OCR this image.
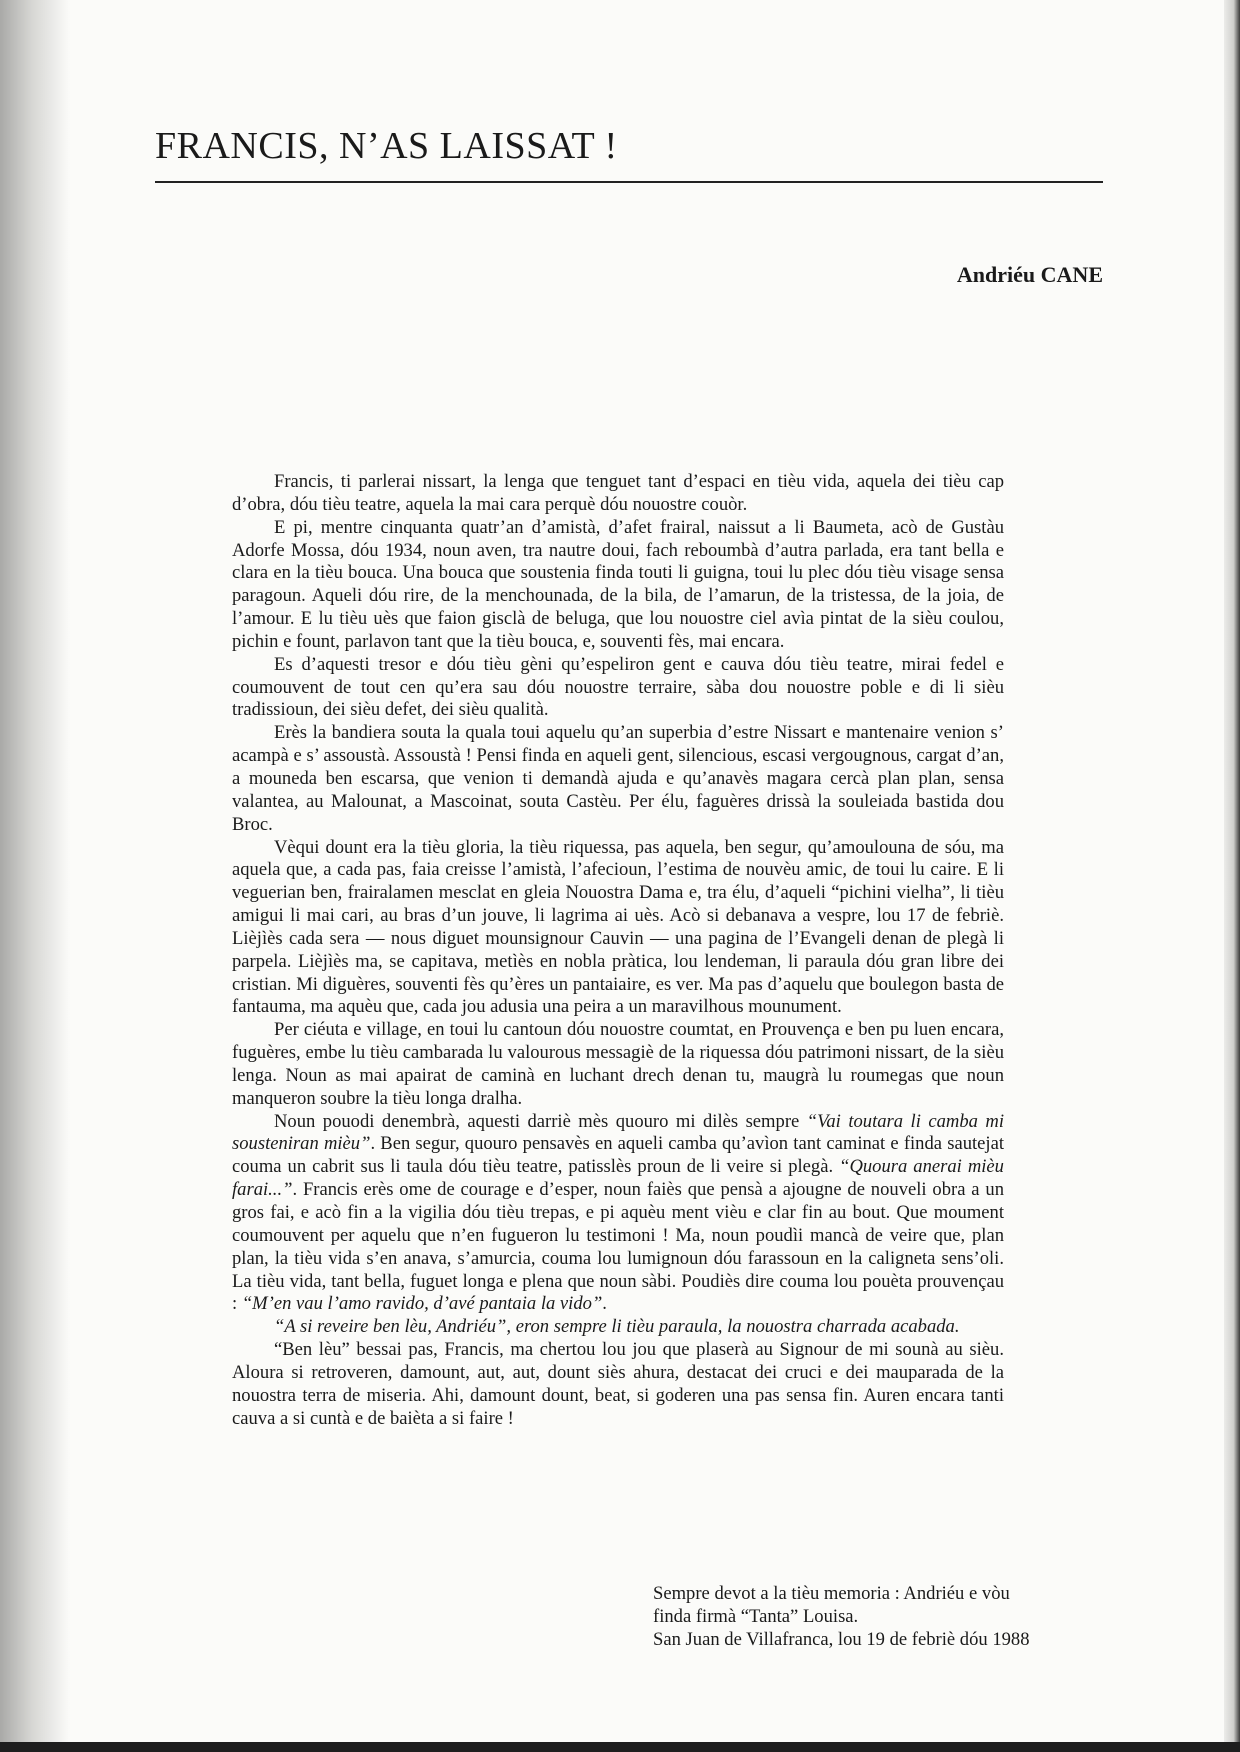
FRANCIS, N’AS LAISSAT !
Andriéu CANE

Francis, ti parlerai nissart, la lenga que tenguet tant d’espaci en tièu vida, aquela dei tièu cap d’obra, dóu tièu teatre, aquela la mai cara perquè dóu nouostre couòr.

E pi, mentre cinquanta quatr’an d’amistà, d’afet frairal, naissut a li Baumeta, acò de Gustàu Adorfe Mossa, dóu 1934, noun aven, tra nautre doui, fach reboumbà d’autra parlada, era tant bella e clara en la tièu bouca. Una bouca que soustenia finda touti li guigna, toui lu plec dóu tièu visage sensa paragoun. Aqueli dóu rire, de la menchounada, de la bila, de l’amarun, de la tristessa, de la joia, de l’amour. E lu tièu uès que faion gisclà de beluga, que lou nouostre ciel avìa pintat de la sièu coulou, pichin e fount, parlavon tant que la tièu bouca, e, souventi fès, mai encara.

Es d’aquesti tresor e dóu tièu gèni qu’espeliron gent e cauva dóu tièu teatre, mirai fedel e coumouvent de tout cen qu’era sau dóu nouostre terraire, sàba dou nouostre poble e di li sièu tradissioun, dei sièu defet, dei sièu qualità.

Erès la bandiera souta la quala toui aquelu qu’an superbia d’estre Nissart e mantenaire venion s’ acampà e s’ assoustà. Assoustà ! Pensi finda en aqueli gent, silencious, escasi vergougnous, cargat d’an, a mouneda ben escarsa, que venion ti demandà ajuda e qu’anavès magara cercà plan plan, sensa valantea, au Malounat, a Mascoinat, souta Castèu. Per élu, faguères drissà la souleiada bastida dou Broc.

Vèqui dount era la tièu gloria, la tièu riquessa, pas aquela, ben segur, qu’amoulouna de sóu, ma aquela que, a cada pas, faia creisse l’amistà, l’afecioun, l’estima de nouvèu amic, de toui lu caire. E li veguerian ben, frairalamen mesclat en gleia Nouostra Dama e, tra élu, d’aqueli “pichini vielha”, li tièu amigui li mai cari, au bras d’un jouve, li lagrima ai uès. Acò si debanava a vespre, lou 17 de febriè. Lièjìès cada sera — nous diguet mounsignour Cauvin — una pagina de l’Evangeli denan de plegà li parpela. Lièjìès ma, se capitava, metìès en nobla pràtica, lou lendeman, li paraula dóu gran libre dei cristian. Mi diguères, souventi fès qu’ères un pantaiaire, es ver. Ma pas d’aquelu que boulegon basta de fantauma, ma aquèu que, cada jou adusia una peira a un maravilhous mounument.

Per ciéuta e village, en toui lu cantoun dóu nouostre coumtat, en Prouvença e ben pu luen encara, fuguères, embe lu tièu cambarada lu valourous messagiè de la riquessa dóu patrimoni nissart, de la sièu lenga. Noun as mai apairat de caminà en luchant drech denan tu, maugrà lu roumegas que noun manqueron soubre la tièu longa dralha.

Noun pouodi denembrà, aquesti darriè mès quouro mi dilès sempre “Vai toutara li camba mi sousteniran mièu”. Ben segur, quouro pensavès en aqueli camba qu’avìon tant caminat e finda sautejat couma un cabrit sus li taula dóu tièu teatre, patisslès proun de li veire si plegà. “Quoura anerai mièu farai...”. Francis erès ome de courage e d’esper, noun faiès que pensà a ajougne de nouveli obra a un gros fai, e acò fin a la vigilia dóu tièu trepas, e pi aquèu ment vièu e clar fin au bout. Que moument coumouvent per aquelu que n’en fugueron lu testimoni ! Ma, noun poudìi mancà de veire que, plan plan, la tièu vida s’en anava, s’amurcia, couma lou lumignoun dóu farassoun en la caligneta sens’oli. La tièu vida, tant bella, fuguet longa e plena que noun sàbi. Poudiès dire couma lou pouèta prouvençau : “M’en vau l’amo ravido, d’avé pantaia la vido”.

“A si reveire ben lèu, Andriéu”, eron sempre li tièu paraula, la nouostra charrada acabada.

“Ben lèu” bessai pas, Francis, ma chertou lou jou que plaserà au Signour de mi sounà au sièu. Aloura si retroveren, damount, aut, aut, dount siès ahura, destacat dei cruci e dei mauparada de la nouostra terra de miseria. Ahi, damount dount, beat, si goderen una pas sensa fin. Auren encara tanti cauva a si cuntà e de baièta a si faire !

Sempre devot a la tièu memoria : Andriéu e vòu
finda firmà “Tanta” Louisa.
San Juan de Villafranca, lou 19 de febriè dóu 1988
